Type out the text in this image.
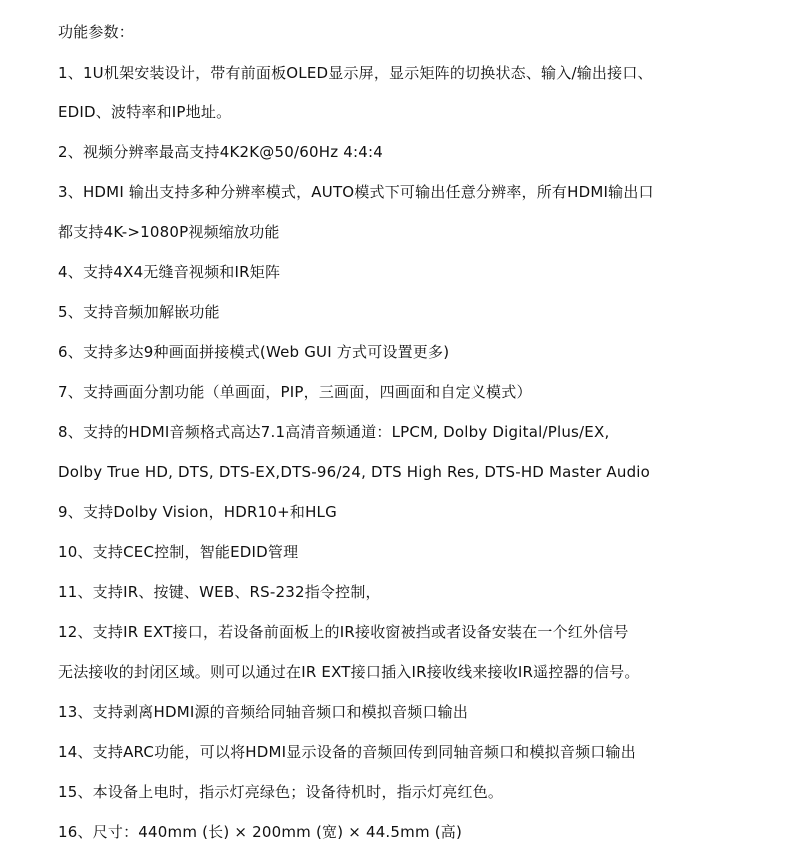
功能参数：
1、1U机架安装设计，带有前面板OLED显示屏，显示矩阵的切换状态、输入/输出接口、
EDID、波特率和IP地址。
2、视频分辨率最高支持4K2K@50/60Hz 4:4:4
3、HDMI 输出支持多种分辨率模式，AUTO模式下可输出任意分辨率，所有HDMI输出口
都支持4K->1080P视频缩放功能
4、支持4X4无缝音视频和IR矩阵
5、支持音频加解嵌功能
6、支持多达9种画面拼接模式(Web GUI 方式可设置更多)
7、支持画面分割功能（单画面，PIP，三画面，四画面和自定义模式）
8、支持的HDMI音频格式高达7.1高清音频通道：LPCM, Dolby Digital/Plus/EX,
Dolby True HD, DTS, DTS-EX,DTS-96/24, DTS High Res, DTS-HD Master Audio
9、支持Dolby Vision，HDR10+和HLG
10、支持CEC控制，智能EDID管理
11、支持IR、按键、WEB、RS-232指令控制，
12、支持IR EXT接口，若设备前面板上的IR接收窗被挡或者设备安装在一个红外信号
无法接收的封闭区域。则可以通过在IR EXT接口插入IR接收线来接收IR遥控器的信号。
13、支持剥离HDMI源的音频给同轴音频口和模拟音频口输出
14、支持ARC功能，可以将HDMI显示设备的音频回传到同轴音频口和模拟音频口输出
15、本设备上电时，指示灯亮绿色；设备待机时，指示灯亮红色。
16、尺寸：440mm (长) × 200mm (宽) × 44.5mm (高)
